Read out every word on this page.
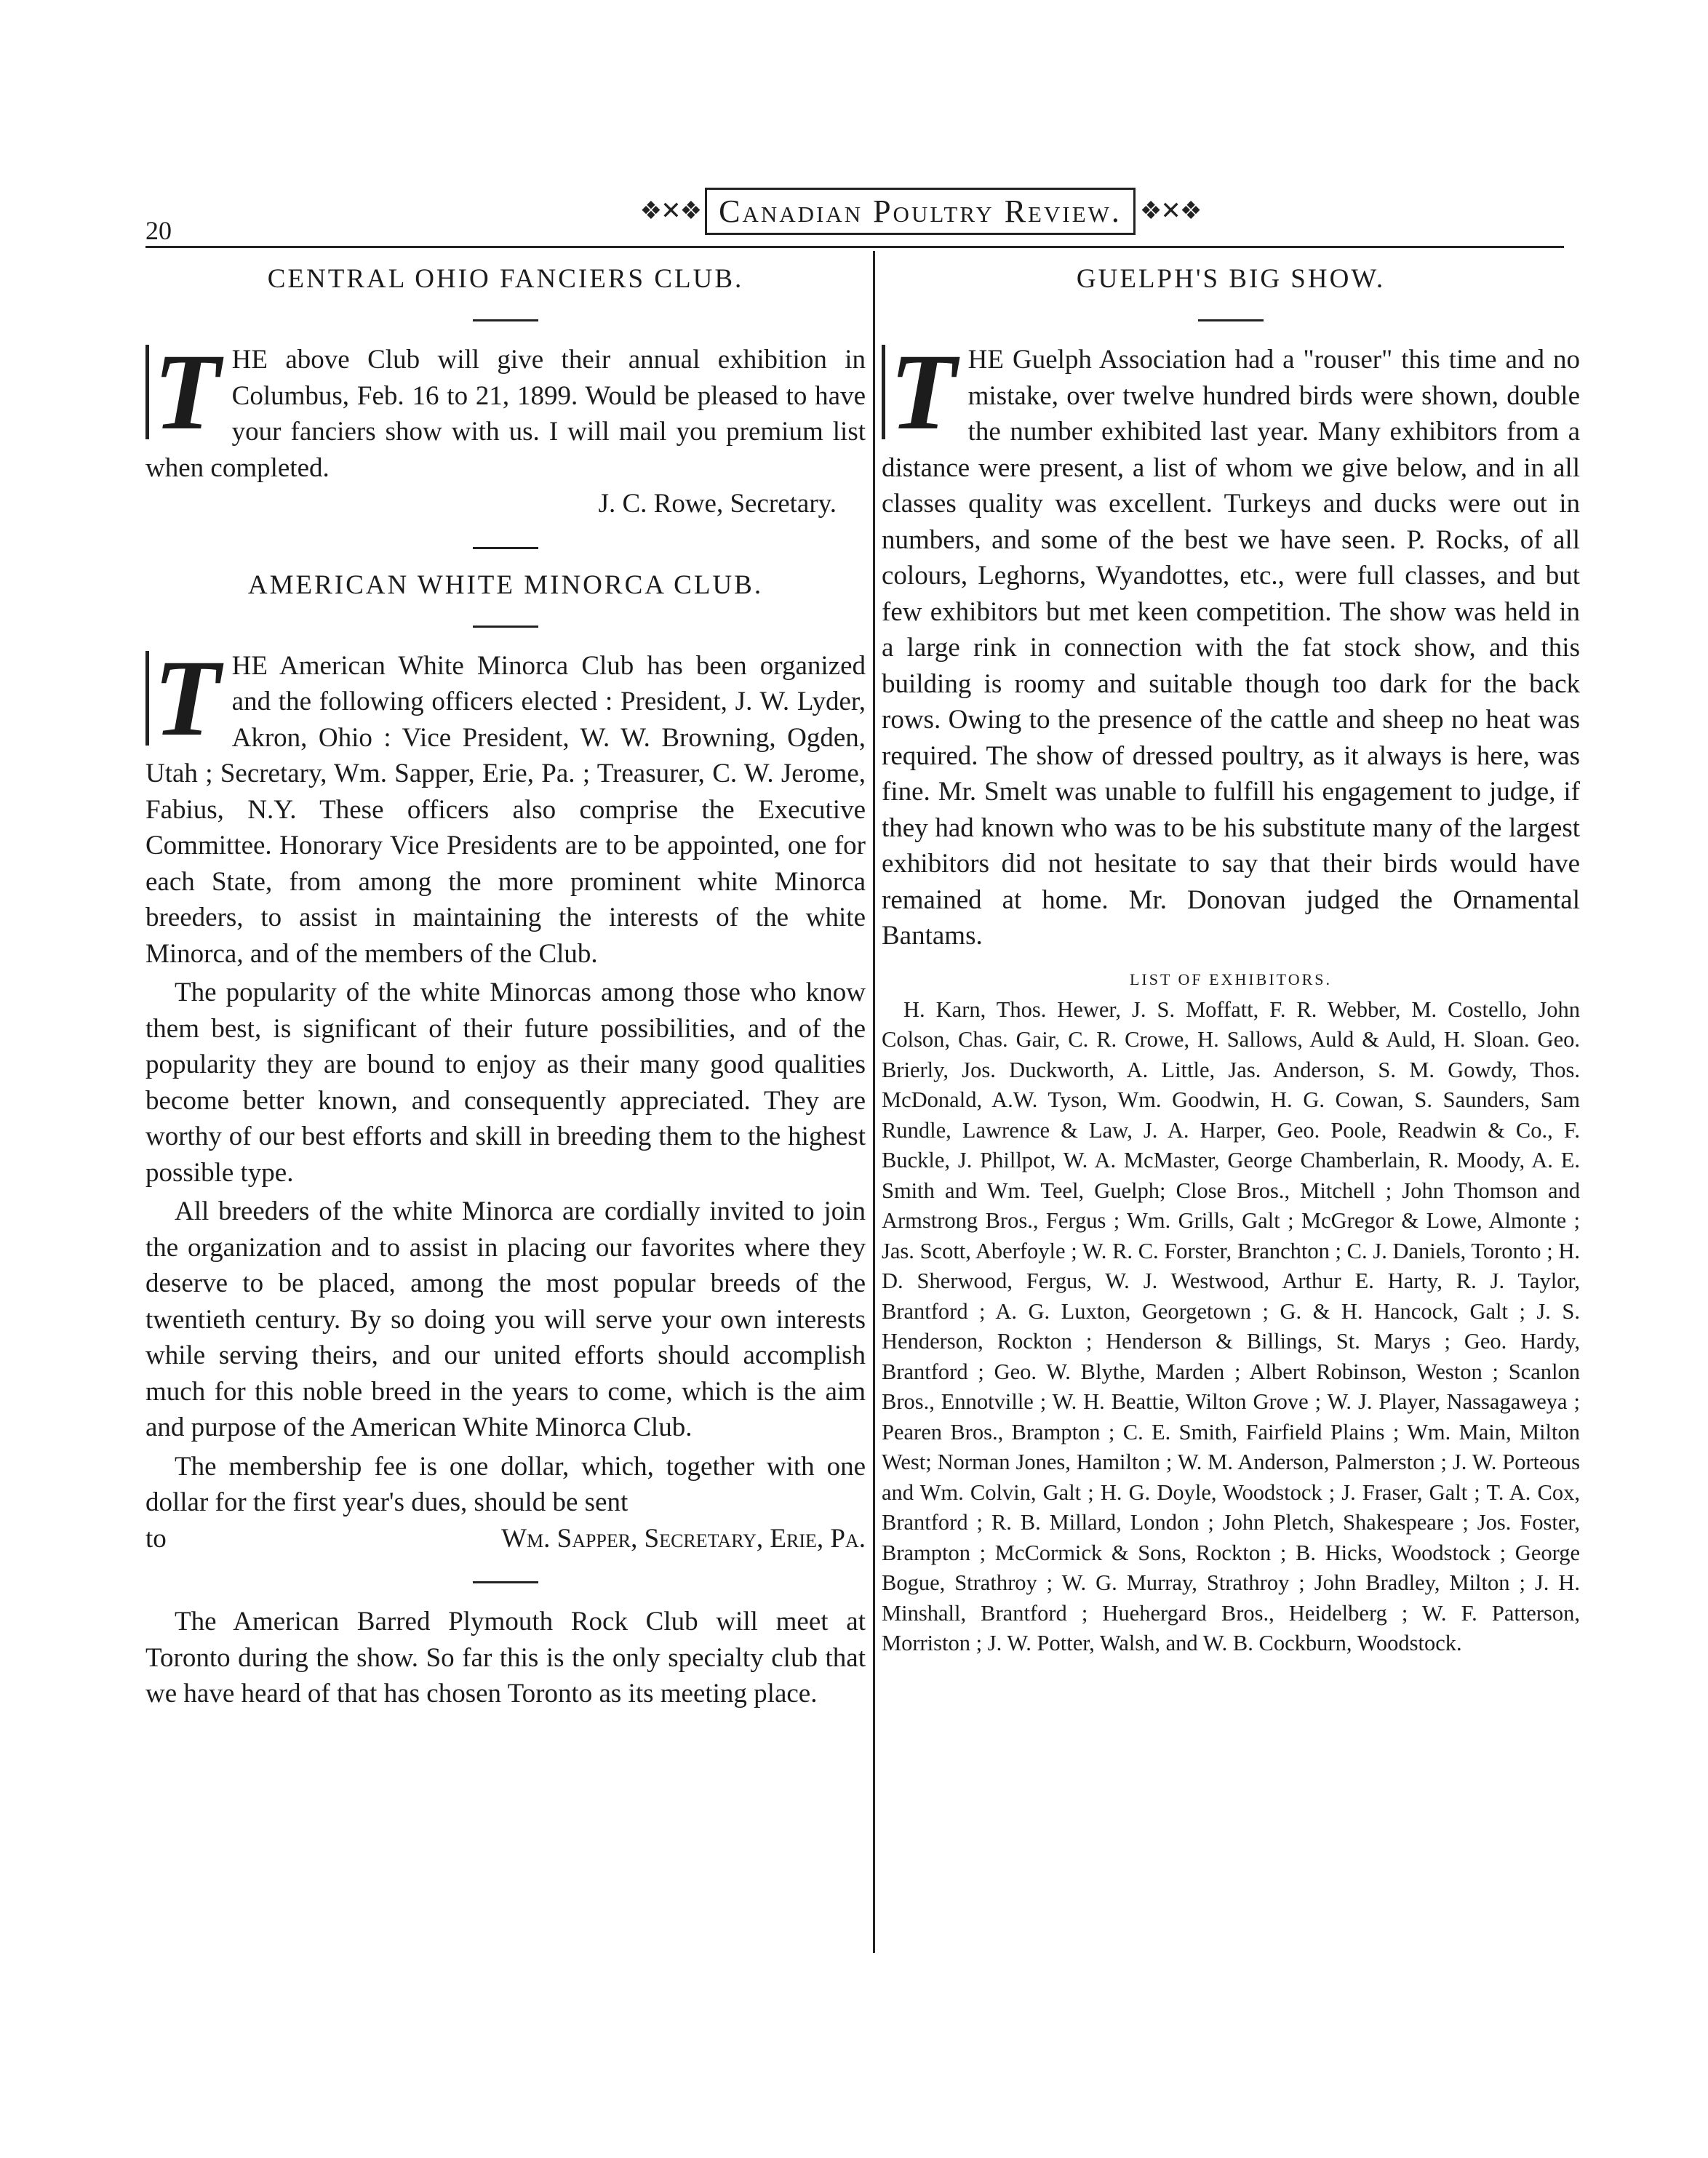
20
❖✕❖ Canadian Poultry Review. ❖✕❖
CENTRAL OHIO FANCIERS CLUB.

T HE above Club will give their annual exhibition in Columbus, Feb. 16 to 21, 1899. Would be pleased to have your fanciers show with us. I will mail you premium list when completed.

J. C. Rowe, Secretary.

AMERICAN WHITE MINORCA CLUB.

T HE American White Minorca Club has been organized and the following officers elected : President, J. W. Lyder, Akron, Ohio : Vice President, W. W. Browning, Ogden, Utah ; Secretary, Wm. Sapper, Erie, Pa. ; Treasurer, C. W. Jerome, Fabius, N.Y. These officers also comprise the Executive Committee. Honorary Vice Presidents are to be appointed, one for each State, from among the more prominent white Minorca breeders, to assist in maintaining the interests of the white Minorca, and of the members of the Club.

The popularity of the white Minorcas among those who know them best, is significant of their future possibilities, and of the popularity they are bound to enjoy as their many good qualities become better known, and consequently appreciated. They are worthy of our best efforts and skill in breeding them to the highest possible type.

All breeders of the white Minorca are cordially invited to join the organization and to assist in placing our favorites where they deserve to be placed, among the most popular breeds of the twentieth century. By so doing you will serve your own interests while serving theirs, and our united efforts should accomplish much for this noble breed in the years to come, which is the aim and purpose of the American White Minorca Club.

The membership fee is one dollar, which, together with one dollar for the first year's dues, should be sent

to	Wm. Sapper, Secretary, Erie, Pa.

The American Barred Plymouth Rock Club will meet at Toronto during the show. So far this is the only specialty club that we have heard of that has chosen Toronto as its meeting place.

GUELPH'S BIG SHOW.

T HE Guelph Association had a "rouser" this time and no mistake, over twelve hundred birds were shown, double the number exhibited last year. Many exhibitors from a distance were present, a list of whom we give below, and in all classes quality was excellent. Turkeys and ducks were out in numbers, and some of the best we have seen. P. Rocks, of all colours, Leghorns, Wyandottes, etc., were full classes, and but few exhibitors but met keen competition. The show was held in a large rink in connection with the fat stock show, and this building is roomy and suitable though too dark for the back rows. Owing to the presence of the cattle and sheep no heat was required. The show of dressed poultry, as it always is here, was fine. Mr. Smelt was unable to fulfill his engagement to judge, if they had known who was to be his substitute many of the largest exhibitors did not hesitate to say that their birds would have remained at home. Mr. Donovan judged the Ornamental Bantams.

LIST OF EXHIBITORS.

H. Karn, Thos. Hewer, J. S. Moffatt, F. R. Webber, M. Costello, John Colson, Chas. Gair, C. R. Crowe, H. Sallows, Auld & Auld, H. Sloan. Geo. Brierly, Jos. Duckworth, A. Little, Jas. Anderson, S. M. Gowdy, Thos. McDonald, A.W. Tyson, Wm. Goodwin, H. G. Cowan, S. Saunders, Sam Rundle, Lawrence & Law, J. A. Harper, Geo. Poole, Readwin & Co., F. Buckle, J. Phillpot, W. A. McMaster, George Chamberlain, R. Moody, A. E. Smith and Wm. Teel, Guelph; Close Bros., Mitchell ; John Thomson and Armstrong Bros., Fergus ; Wm. Grills, Galt ; McGregor & Lowe, Almonte ; Jas. Scott, Aberfoyle ; W. R. C. Forster, Branchton ; C. J. Daniels, Toronto ; H. D. Sherwood, Fergus, W. J. Westwood, Arthur E. Harty, R. J. Taylor, Brantford ; A. G. Luxton, Georgetown ; G. & H. Hancock, Galt ; J. S. Henderson, Rockton ; Henderson & Billings, St. Marys ; Geo. Hardy, Brantford ; Geo. W. Blythe, Marden ; Albert Robinson, Weston ; Scanlon Bros., Ennotville ; W. H. Beattie, Wilton Grove ; W. J. Player, Nassagaweya ; Pearen Bros., Brampton ; C. E. Smith, Fairfield Plains ; Wm. Main, Milton West; Norman Jones, Hamilton ; W. M. Anderson, Palmerston ; J. W. Porteous and Wm. Colvin, Galt ; H. G. Doyle, Woodstock ; J. Fraser, Galt ; T. A. Cox, Brantford ; R. B. Millard, London ; John Pletch, Shakespeare ; Jos. Foster, Brampton ; McCormick & Sons, Rockton ; B. Hicks, Woodstock ; George Bogue, Strathroy ; W. G. Murray, Strathroy ; John Bradley, Milton ; J. H. Minshall, Brantford ; Huehergard Bros., Heidelberg ; W. F. Patterson, Morriston ; J. W. Potter, Walsh, and W. B. Cockburn, Woodstock.
